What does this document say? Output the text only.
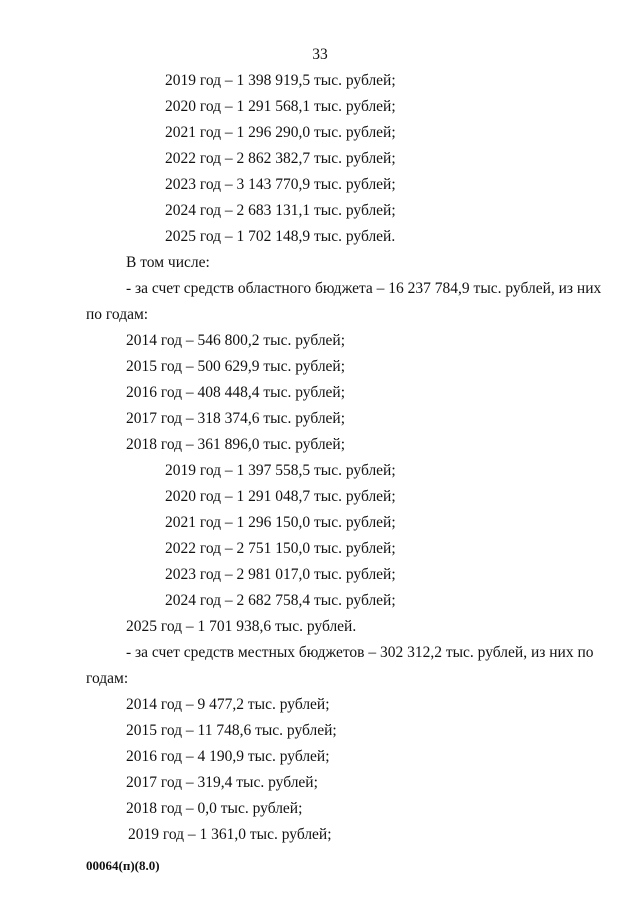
33
2019 год – 1 398 919,5 тыс. рублей;
2020 год – 1 291 568,1 тыс. рублей;
2021 год – 1 296 290,0 тыс. рублей;
2022 год – 2 862 382,7 тыс. рублей;
2023 год – 3 143 770,9 тыс. рублей;
2024 год – 2 683 131,1 тыс. рублей;
2025 год – 1 702 148,9 тыс. рублей.
В том числе:
- за счет средств областного бюджета – 16 237 784,9 тыс. рублей, из них
по годам:
2014 год – 546 800,2 тыс. рублей;
2015 год – 500 629,9 тыс. рублей;
2016 год – 408 448,4 тыс. рублей;
2017 год – 318 374,6 тыс. рублей;
2018 год – 361 896,0 тыс. рублей;
2019 год – 1 397 558,5 тыс. рублей;
2020 год – 1 291 048,7 тыс. рублей;
2021 год – 1 296 150,0 тыс. рублей;
2022 год – 2 751 150,0 тыс. рублей;
2023 год – 2 981 017,0 тыс. рублей;
2024 год – 2 682 758,4 тыс. рублей;
2025 год – 1 701 938,6 тыс. рублей.
- за счет средств местных бюджетов – 302 312,2 тыс. рублей, из них по
годам:
2014 год – 9 477,2 тыс. рублей;
2015 год – 11 748,6 тыс. рублей;
2016 год – 4 190,9 тыс. рублей;
2017 год – 319,4 тыс. рублей;
2018 год – 0,0 тыс. рублей;
2019 год – 1 361,0 тыс. рублей;
00064(п)(8.0)
